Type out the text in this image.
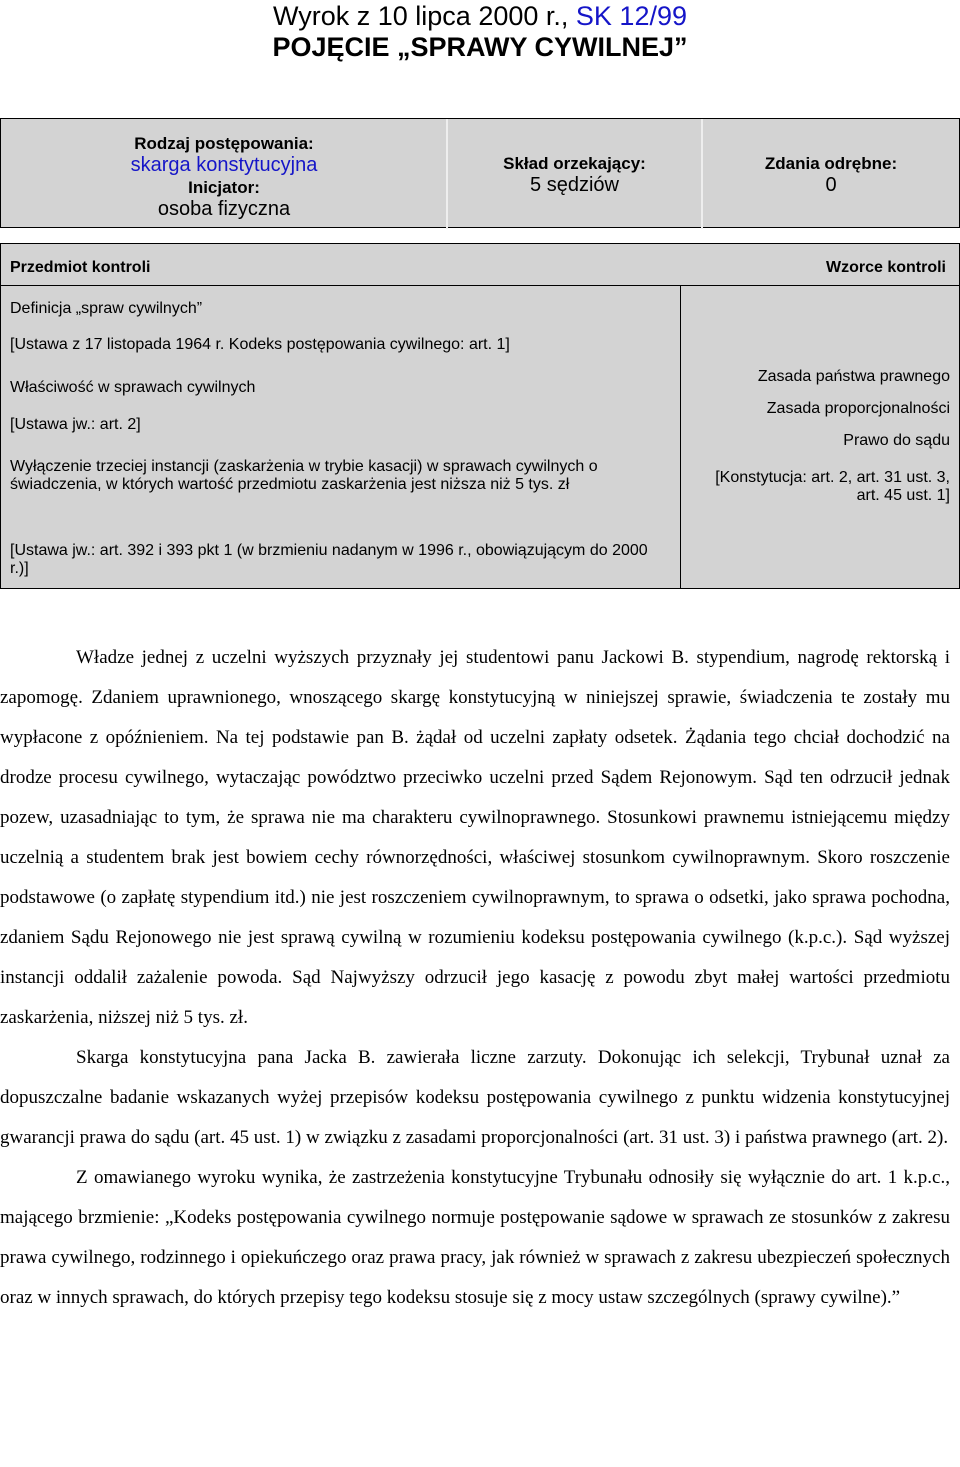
Wyrok z 10 lipca 2000 r., SK 12/99
POJĘCIE „SPRAWY CYWILNEJ”
Rodzaj postępowania:
skarga konstytucyjna
Inicjator:
osoba fizyczna
Skład orzekający:
5 sędziów
Zdania odrębne:
0
Przedmiot kontroli	Wzorce kontroli
Definicja „spraw cywilnych”
[Ustawa z 17 listopada 1964 r. Kodeks postępowania cywilnego: art. 1]
Właściwość w sprawach cywilnych
[Ustawa jw.: art. 2]
Wyłączenie trzeciej instancji (zaskarżenia w trybie kasacji) w sprawach cywilnych o świadczenia, w których wartość przedmiotu zaskarżenia jest niższa niż 5 tys. zł
[Ustawa jw.: art. 392 i 393 pkt 1 (w brzmieniu nadanym w 1996 r., obowiązującym do 2000 r.)]
Zasada państwa prawnego
Zasada proporcjonalności
Prawo do sądu
[Konstytucja: art. 2, art. 31 ust. 3, art. 45 ust. 1]

Władze jednej z uczelni wyższych przyznały jej studentowi panu Jackowi B. stypendium, nagrodę rektorską i zapomogę. Zdaniem uprawnionego, wnoszącego skargę konstytucyjną w niniejszej sprawie, świadczenia te zostały mu wypłacone z opóźnieniem. Na tej podstawie pan B. żądał od uczelni zapłaty odsetek. Żądania tego chciał dochodzić na drodze procesu cywilnego, wytaczając powództwo przeciwko uczelni przed Sądem Rejonowym. Sąd ten odrzucił jednak pozew, uzasadniając to tym, że sprawa nie ma charakteru cywilnoprawnego. Stosunkowi prawnemu istniejącemu między uczelnią a studentem brak jest bowiem cechy równorzędności, właściwej stosunkom cywilnoprawnym. Skoro roszczenie podstawowe (o zapłatę stypendium itd.) nie jest roszczeniem cywilnoprawnym, to sprawa o odsetki, jako sprawa pochodna, zdaniem Sądu Rejonowego nie jest sprawą cywilną w rozumieniu kodeksu postępowania cywilnego (k.p.c.). Sąd wyższej instancji oddalił zażalenie powoda. Sąd Najwyższy odrzucił jego kasację z powodu zbyt małej wartości przedmiotu zaskarżenia, niższej niż 5 tys. zł.

Skarga konstytucyjna pana Jacka B. zawierała liczne zarzuty. Dokonując ich selekcji, Trybunał uznał za dopuszczalne badanie wskazanych wyżej przepisów kodeksu postępowania cywilnego z punktu widzenia konstytucyjnej gwarancji prawa do sądu (art. 45 ust. 1) w związku z zasadami proporcjonalności (art. 31 ust. 3) i państwa prawnego (art. 2).

Z omawianego wyroku wynika, że zastrzeżenia konstytucyjne Trybunału odnosiły się wyłącznie do art. 1 k.p.c., mającego brzmienie: „Kodeks postępowania cywilnego normuje postępowanie sądowe w sprawach ze stosunków z zakresu prawa cywilnego, rodzinnego i opiekuńczego oraz prawa pracy, jak również w sprawach z zakresu ubezpieczeń społecznych oraz w innych sprawach, do których przepisy tego kodeksu stosuje się z mocy ustaw szczególnych (sprawy cywilne).”
